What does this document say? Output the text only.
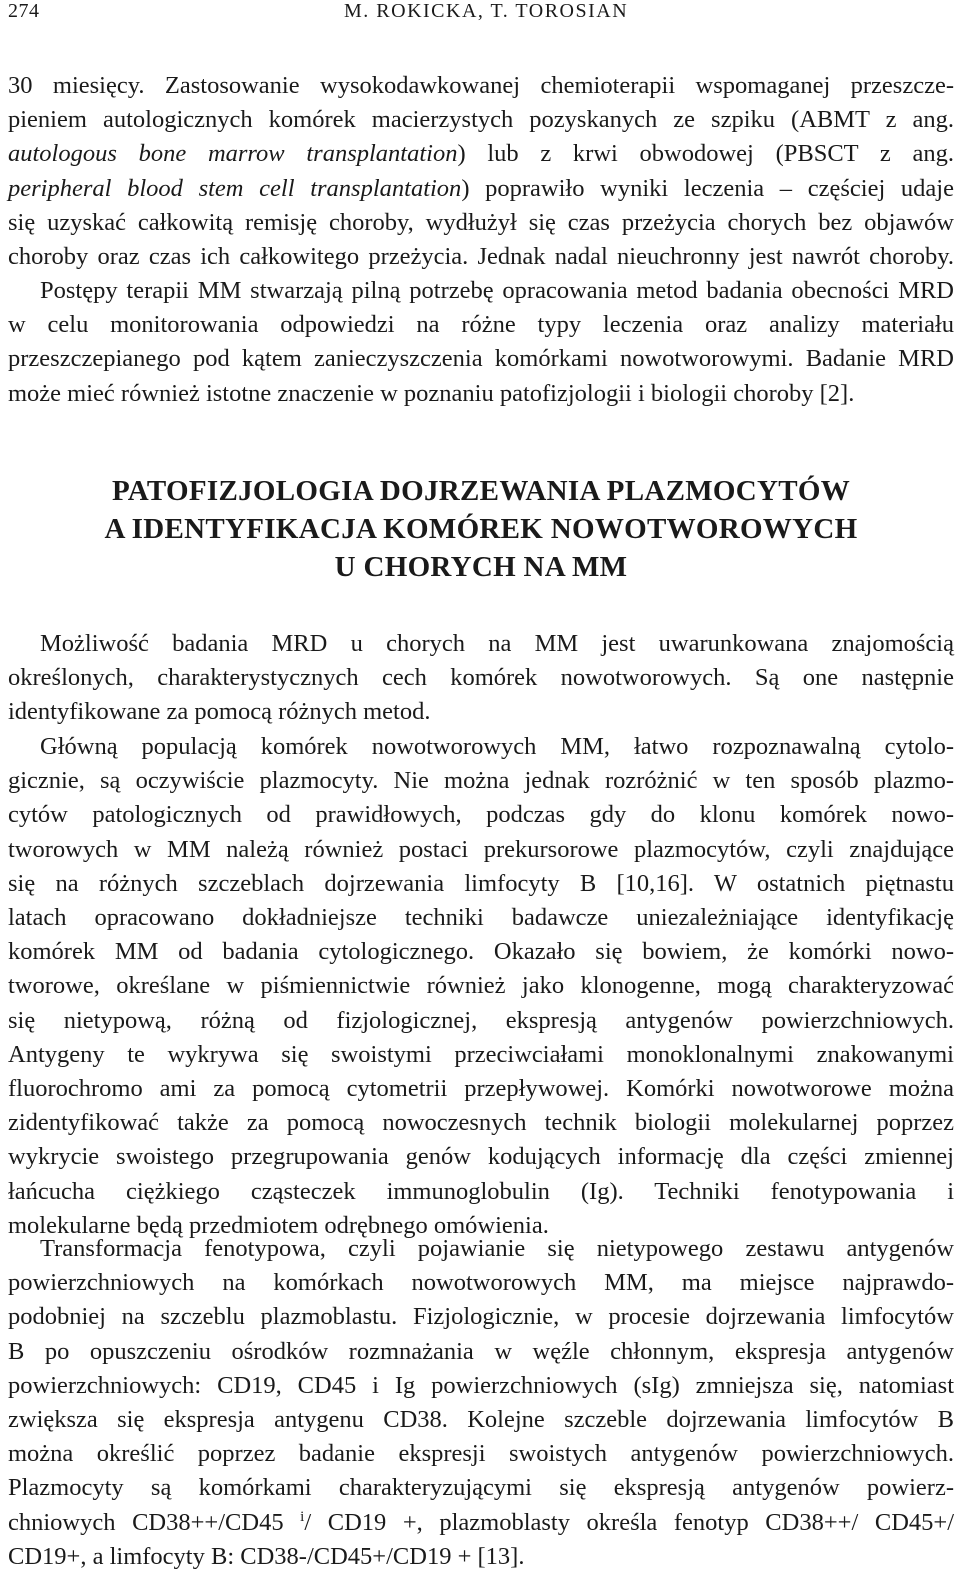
274	M. ROKICKA, T. TOROSIAN
30 miesięcy. Zastosowanie wysokodawkowanej chemioterapii wspomaganej przeszcze-
pieniem autologicznych komórek macierzystych pozyskanych ze szpiku (ABMT z ang.
autologous bone marrow transplantation) lub z krwi obwodowej (PBSCT z ang.
peripheral blood stem cell transplantation) poprawiło wyniki leczenia – częściej udaje
się uzyskać całkowitą remisję choroby, wydłużył się czas przeżycia chorych bez objawów
choroby oraz czas ich całkowitego przeżycia. Jednak nadal nieuchronny jest nawrót choroby.
Postępy terapii MM stwarzają pilną potrzebę opracowania metod badania obecności MRD
w celu monitorowania odpowiedzi na różne typy leczenia oraz analizy materiału
przeszczepianego pod kątem zanieczyszczenia komórkami nowotworowymi. Badanie MRD
może mieć również istotne znaczenie w poznaniu patofizjologii i biologii choroby [2].
PATOFIZJOLOGIA DOJRZEWANIA PLAZMOCYTÓW
A IDENTYFIKACJA KOMÓREK NOWOTWOROWYCH
U CHORYCH NA MM
Możliwość badania MRD u chorych na MM jest uwarunkowana znajomością
określonych, charakterystycznych cech komórek nowotworowych. Są one następnie
identyfikowane za pomocą różnych metod.
Główną populacją komórek nowotworowych MM, łatwo rozpoznawalną cytolo-
gicznie, są oczywiście plazmocyty. Nie można jednak rozróżnić w ten sposób plazmo-
cytów patologicznych od prawidłowych, podczas gdy do klonu komórek nowo-
tworowych w MM należą również postaci prekursorowe plazmocytów, czyli znajdujące
się na różnych szczeblach dojrzewania limfocyty B [10,16]. W ostatnich piętnastu
latach opracowano dokładniejsze techniki badawcze uniezależniające identyfikację
komórek MM od badania cytologicznego. Okazało się bowiem, że komórki nowo-
tworowe, określane w piśmiennictwie również jako klonogenne, mogą charakteryzować
się nietypową, różną od fizjologicznej, ekspresją antygenów powierzchniowych.
Antygeny te wykrywa się swoistymi przeciwciałami monoklonalnymi znakowanymi
fluorochromo ami za pomocą cytometrii przepływowej. Komórki nowotworowe można
zidentyfikować także za pomocą nowoczesnych technik biologii molekularnej poprzez
wykrycie swoistego przegrupowania genów kodujących informację dla części zmiennej
łańcucha ciężkiego cząsteczek immunoglobulin (Ig). Techniki fenotypowania i
molekularne będą przedmiotem odrębnego omówienia.
Transformacja fenotypowa, czyli pojawianie się nietypowego zestawu antygenów
powierzchniowych na komórkach nowotworowych MM, ma miejsce najprawdo-
podobniej na szczeblu plazmoblastu. Fizjologicznie, w procesie dojrzewania limfocytów
B po opuszczeniu ośrodków rozmnażania w węźle chłonnym, ekspresja antygenów
powierzchniowych: CD19, CD45 i Ig powierzchniowych (sIg) zmniejsza się, natomiast
zwiększa się ekspresja antygenu CD38. Kolejne szczeble dojrzewania limfocytów B
można określić poprzez badanie ekspresji swoistych antygenów powierzchniowych.
Plazmocyty są komórkami charakteryzującymi się ekspresją antygenów powierz-
chniowych CD38++/CD45 $^i$/ CD19 +, plazmoblasty określa fenotyp CD38++/ CD45+/
CD19+, a limfocyty B: CD38-/CD45+/CD19 + [13].
